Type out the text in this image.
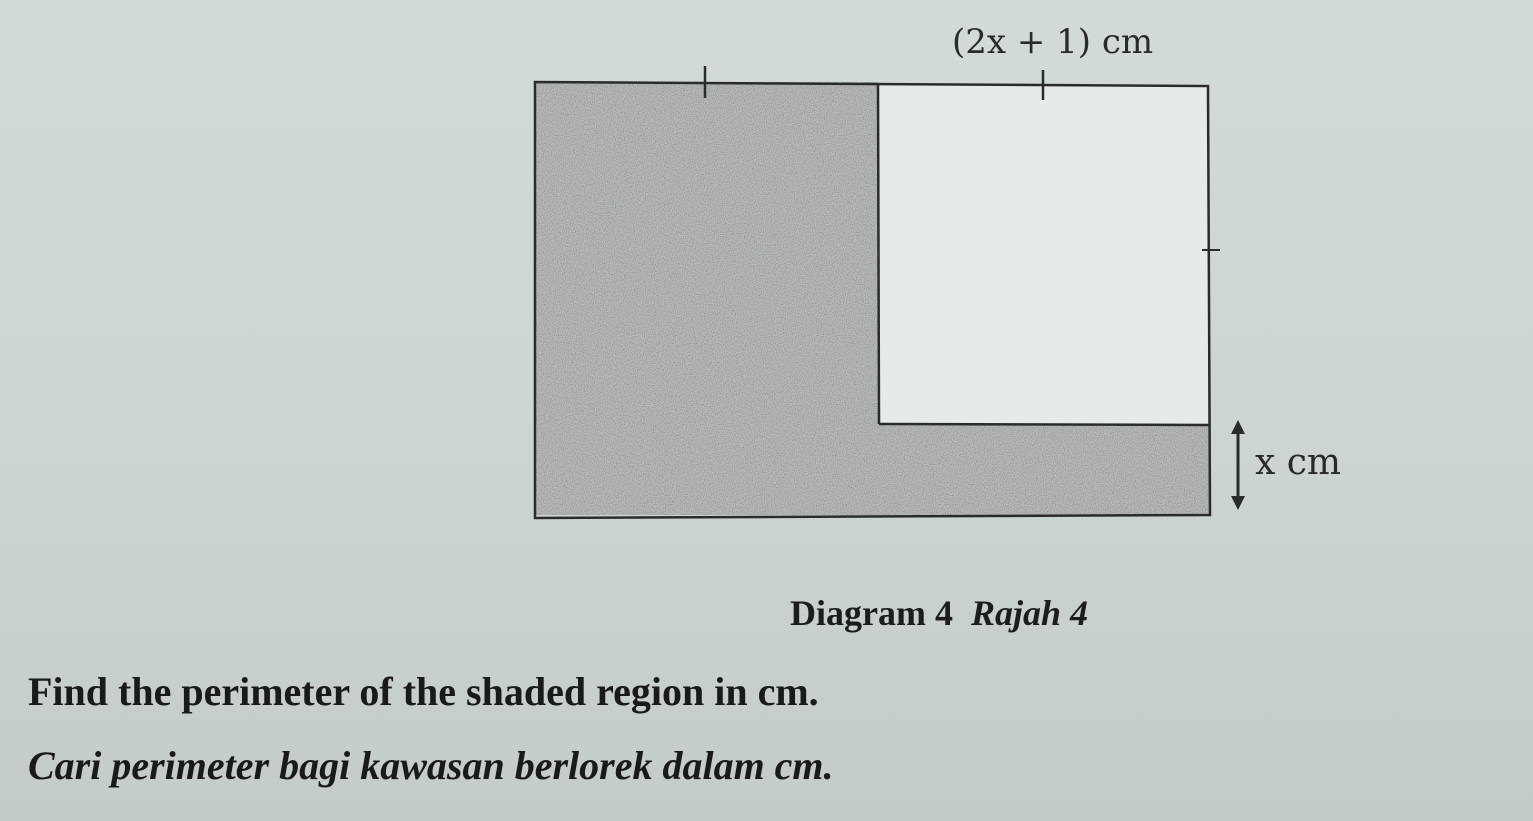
(2x + 1) cm
x cm
Diagram 4 Rajah 4
Find the perimeter of the shaded region in cm.
Cari perimeter bagi kawasan berlorek dalam cm.
